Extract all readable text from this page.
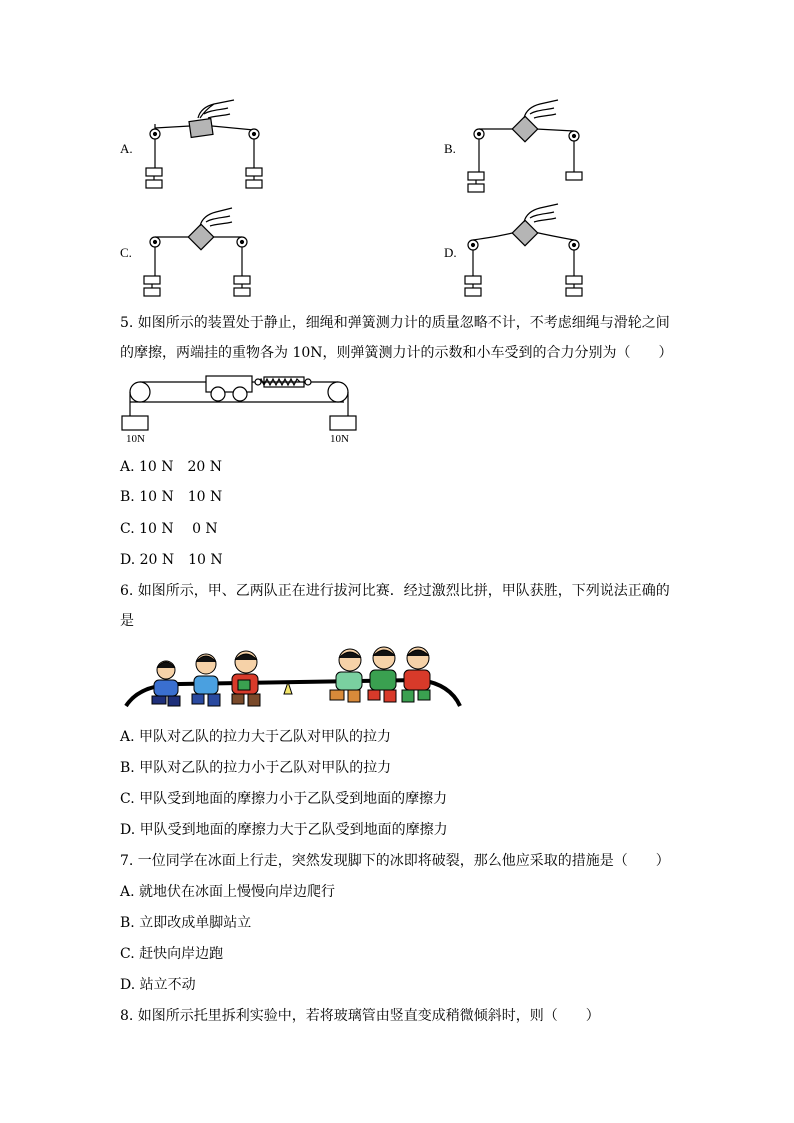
A.	B.
C.	D.
5. 如图所示的装置处于静止，细绳和弹簧测力计的质量忽略不计，不考虑细绳与滑轮之间
的摩擦，两端挂的重物各为 10N，则弹簧测力计的示数和小车受到的合力分别为（　　）
10N	10N
A. 10 N　20 N
B. 10 N　10 N
C. 10 N　 0 N
D. 20 N　10 N
6. 如图所示，甲、乙两队正在进行拔河比赛．经过激烈比拼，甲队获胜，下列说法正确的
是
A. 甲队对乙队的拉力大于乙队对甲队的拉力
B. 甲队对乙队的拉力小于乙队对甲队的拉力
C. 甲队受到地面的摩擦力小于乙队受到地面的摩擦力
D. 甲队受到地面的摩擦力大于乙队受到地面的摩擦力
7. 一位同学在冰面上行走，突然发现脚下的冰即将破裂，那么他应采取的措施是（　　）
A. 就地伏在冰面上慢慢向岸边爬行
B. 立即改成单脚站立
C. 赶快向岸边跑
D. 站立不动
8. 如图所示托里拆利实验中，若将玻璃管由竖直变成稍微倾斜时，则（　　）
